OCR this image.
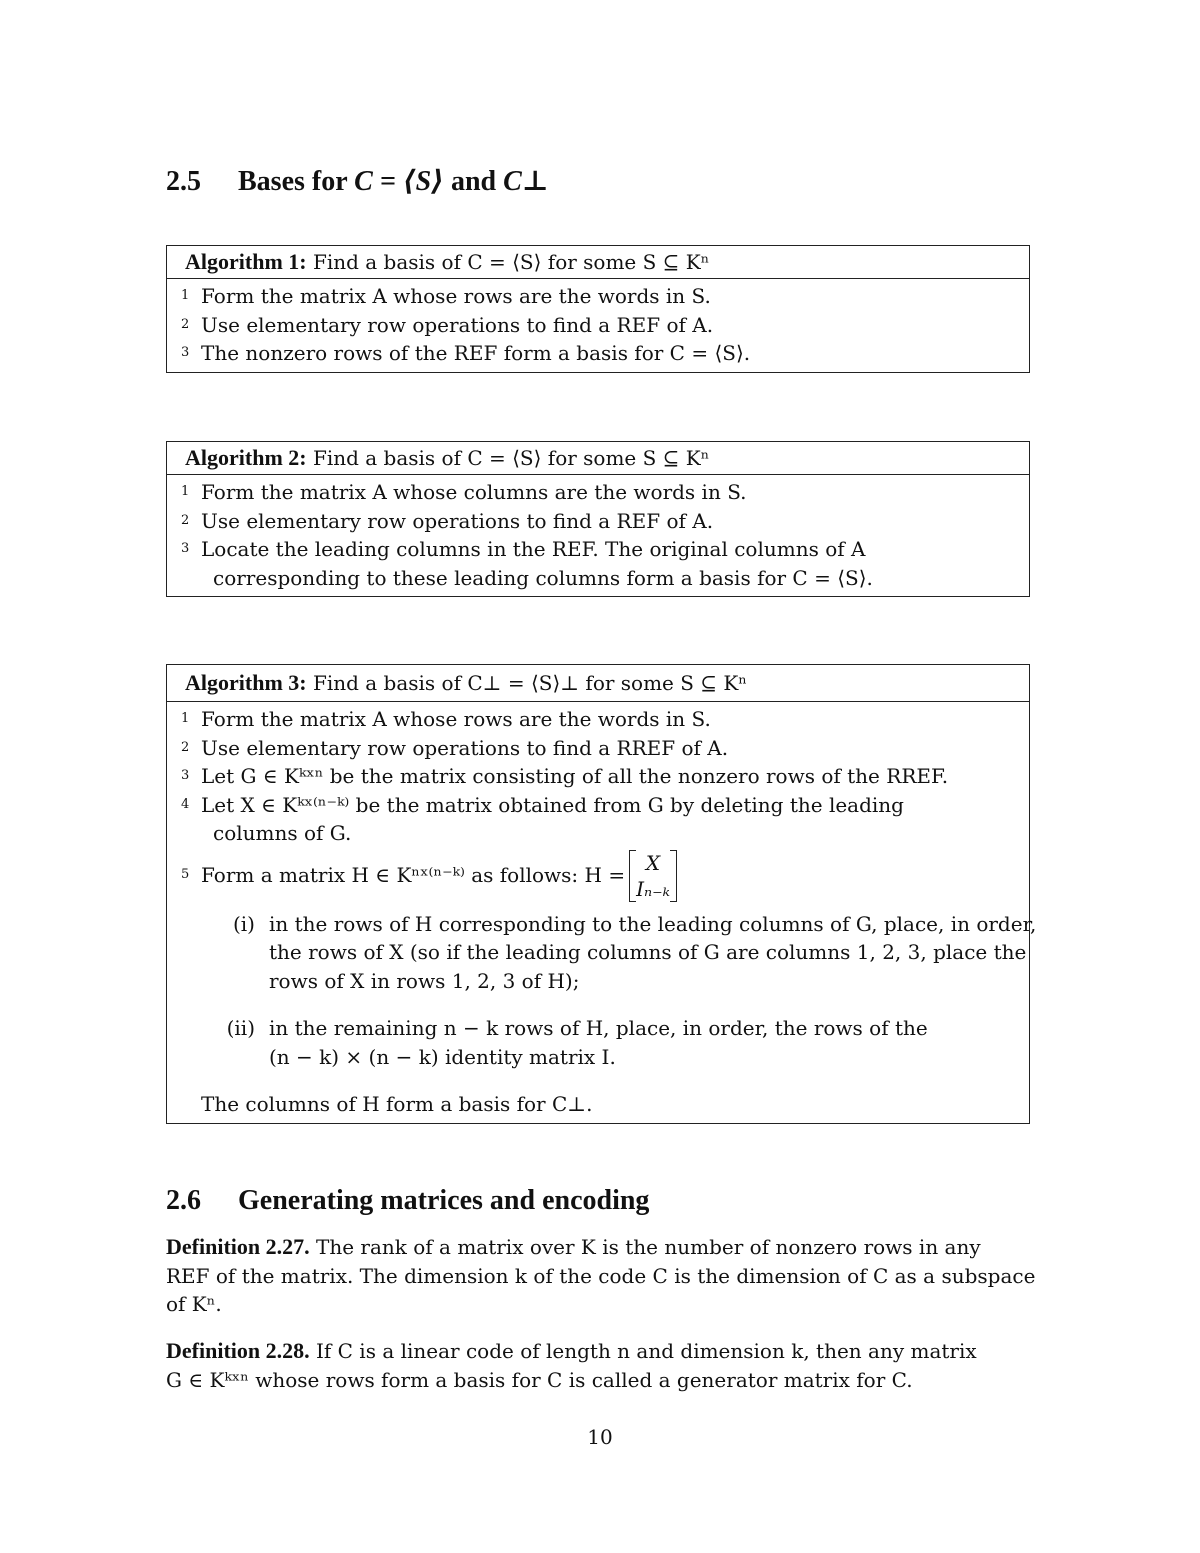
2.5 Bases for C = ⟨S⟩ and C⊥
Algorithm 1: Find a basis of C = ⟨S⟩ for some S ⊆ Kⁿ
1 Form the matrix A whose rows are the words in S.
2 Use elementary row operations to find a REF of A.
3 The nonzero rows of the REF form a basis for C = ⟨S⟩.
Algorithm 2: Find a basis of C = ⟨S⟩ for some S ⊆ Kⁿ
1 Form the matrix A whose columns are the words in S.
2 Use elementary row operations to find a REF of A.
3 Locate the leading columns in the REF. The original columns of A
corresponding to these leading columns form a basis for C = ⟨S⟩.
Algorithm 3: Find a basis of C⊥ = ⟨S⟩⊥ for some S ⊆ Kⁿ
1 Form the matrix A whose rows are the words in S.
2 Use elementary row operations to find a RREF of A.
3 Let G ∈ Kᵏˣⁿ be the matrix consisting of all the nonzero rows of the RREF.
4 Let X ∈ Kᵏˣ⁽ⁿ⁻ᵏ⁾ be the matrix obtained from G by deleting the leading
columns of G.
5 Form a matrix H ∈ Kⁿˣ⁽ⁿ⁻ᵏ⁾ as follows: H =
X
Iₙ₋ₖ
(i) in the rows of H corresponding to the leading columns of G, place, in order,
the rows of X (so if the leading columns of G are columns 1, 2, 3, place the
rows of X in rows 1, 2, 3 of H);
(ii) in the remaining n − k rows of H, place, in order, the rows of the
(n − k) × (n − k) identity matrix I.
The columns of H form a basis for C⊥.
2.6 Generating matrices and encoding
Definition 2.27. The rank of a matrix over K is the number of nonzero rows in any
REF of the matrix. The dimension k of the code C is the dimension of C as a subspace
of Kⁿ.
Definition 2.28. If C is a linear code of length n and dimension k, then any matrix
G ∈ Kᵏˣⁿ whose rows form a basis for C is called a generator matrix for C.
10
